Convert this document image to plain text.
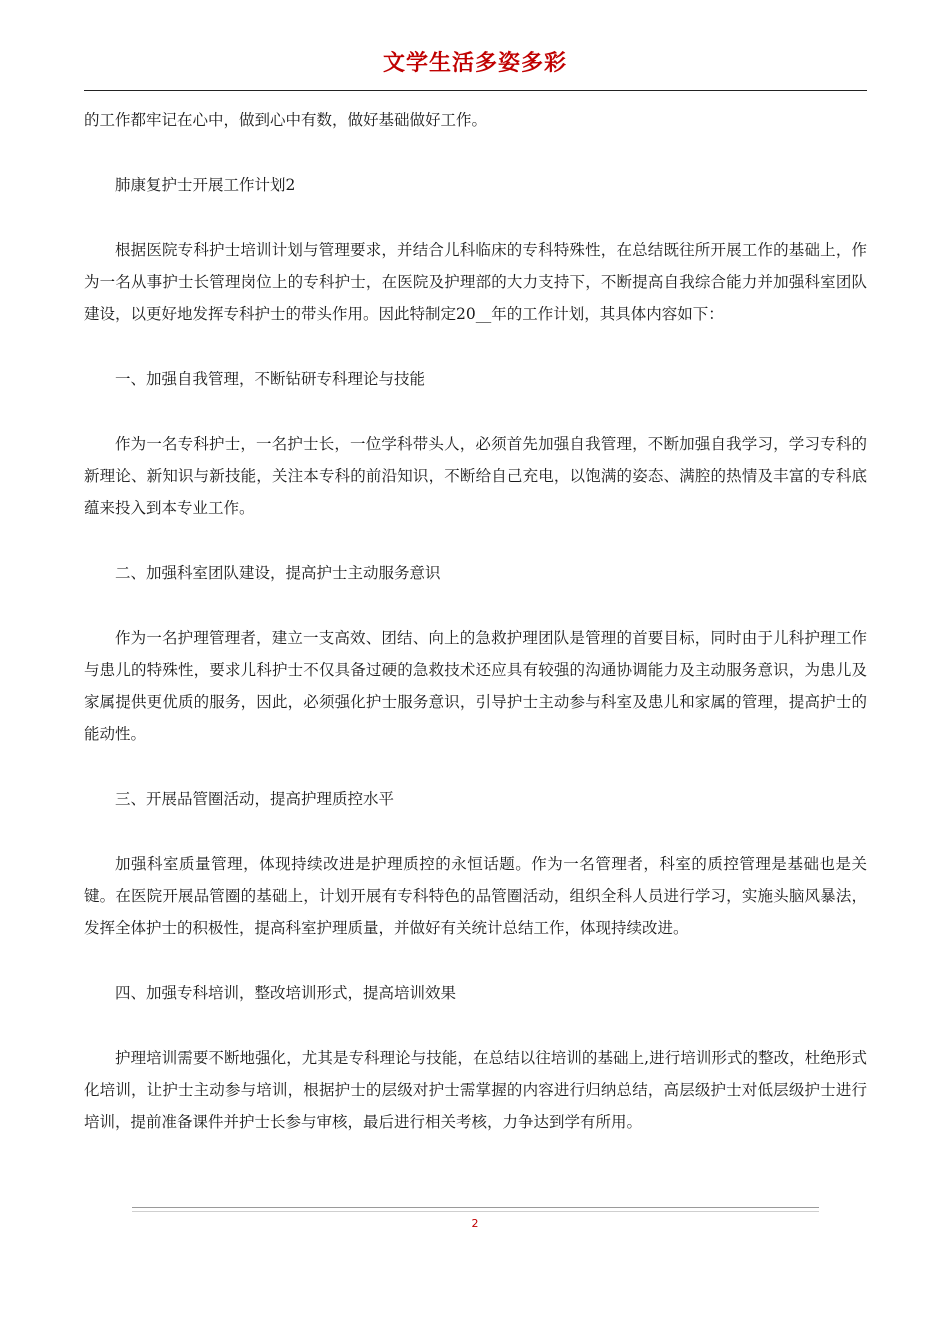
文学生活多姿多彩

的工作都牢记在心中，做到心中有数，做好基础做好工作。

肺康复护士开展工作计划2

根据医院专科护士培训计划与管理要求，并结合儿科临床的专科特殊性，在总结既往所开展工作的基础上，作为一名从事护士长管理岗位上的专科护士，在医院及护理部的大力支持下，不断提高自我综合能力并加强科室团队建设，以更好地发挥专科护士的带头作用。因此特制定20__年的工作计划，其具体内容如下：

一、加强自我管理，不断钻研专科理论与技能

作为一名专科护士，一名护士长，一位学科带头人，必须首先加强自我管理，不断加强自我学习，学习专科的新理论、新知识与新技能，关注本专科的前沿知识，不断给自己充电，以饱满的姿态、满腔的热情及丰富的专科底蕴来投入到本专业工作。

二、加强科室团队建设，提高护士主动服务意识

作为一名护理管理者，建立一支高效、团结、向上的急救护理团队是管理的首要目标，同时由于儿科护理工作与患儿的特殊性，要求儿科护士不仅具备过硬的急救技术还应具有较强的沟通协调能力及主动服务意识，为患儿及家属提供更优质的服务，因此，必须强化护士服务意识，引导护士主动参与科室及患儿和家属的管理，提高护士的能动性。

三、开展品管圈活动，提高护理质控水平

加强科室质量管理，体现持续改进是护理质控的永恒话题。作为一名管理者，科室的质控管理是基础也是关键。在医院开展品管圈的基础上，计划开展有专科特色的品管圈活动，组织全科人员进行学习，实施头脑风暴法，发挥全体护士的积极性，提高科室护理质量，并做好有关统计总结工作，体现持续改进。

四、加强专科培训，整改培训形式，提高培训效果

护理培训需要不断地强化，尤其是专科理论与技能，在总结以往培训的基础上,进行培训形式的整改，杜绝形式化培训，让护士主动参与培训，根据护士的层级对护士需掌握的内容进行归纳总结，高层级护士对低层级护士进行培训，提前准备课件并护士长参与审核，最后进行相关考核，力争达到学有所用。

2
